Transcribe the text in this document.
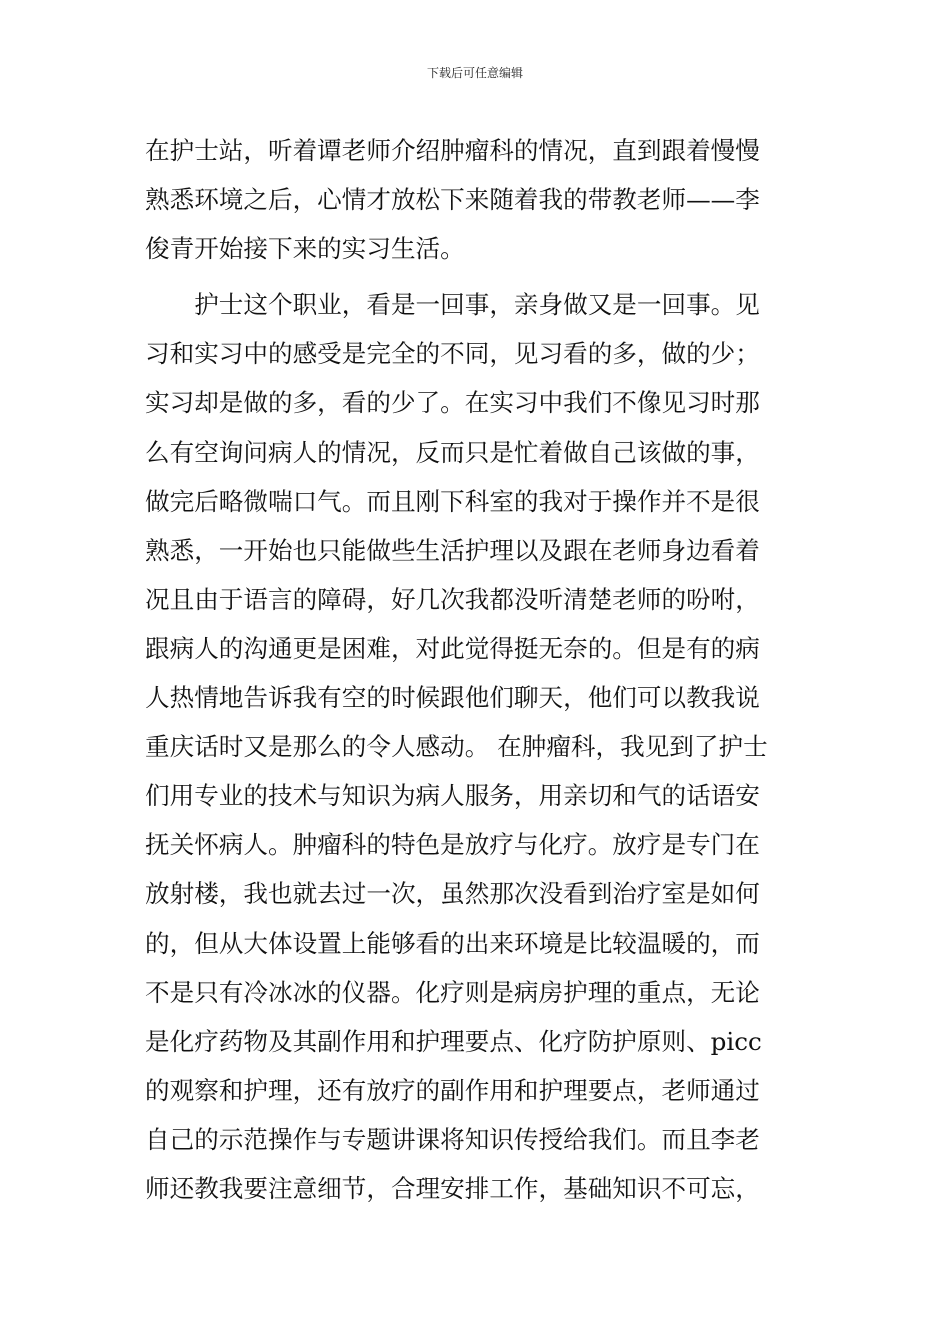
下载后可任意编辑
在护士站，听着谭老师介绍肿瘤科的情况，直到跟着慢慢
熟悉环境之后，心情才放松下来随着我的带教老师——李
俊青开始接下来的实习生活。
　　护士这个职业，看是一回事，亲身做又是一回事。见
习和实习中的感受是完全的不同，见习看的多，做的少；
实习却是做的多，看的少了。在实习中我们不像见习时那
么有空询问病人的情况，反而只是忙着做自己该做的事，
做完后略微喘口气。而且刚下科室的我对于操作并不是很
熟悉，一开始也只能做些生活护理以及跟在老师身边看着
况且由于语言的障碍，好几次我都没听清楚老师的吩咐，
跟病人的沟通更是困难，对此觉得挺无奈的。但是有的病
人热情地告诉我有空的时候跟他们聊天，他们可以教我说
重庆话时又是那么的令人感动。 在肿瘤科，我见到了护士
们用专业的技术与知识为病人服务，用亲切和气的话语安
抚关怀病人。肿瘤科的特色是放疗与化疗。放疗是专门在
放射楼，我也就去过一次，虽然那次没看到治疗室是如何
的，但从大体设置上能够看的出来环境是比较温暖的，而
不是只有冷冰冰的仪器。化疗则是病房护理的重点，无论
是化疗药物及其副作用和护理要点、化疗防护原则、picc
的观察和护理，还有放疗的副作用和护理要点，老师通过
自己的示范操作与专题讲课将知识传授给我们。而且李老
师还教我要注意细节，合理安排工作，基础知识不可忘，
